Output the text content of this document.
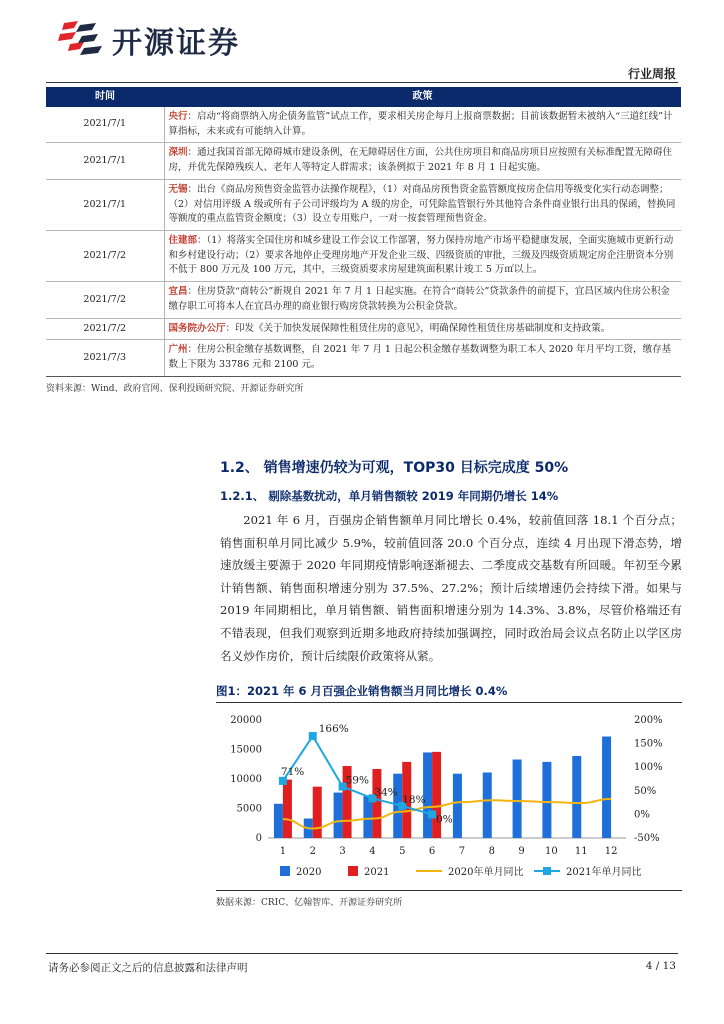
开源证券
行业周报
时间	政策
2021/7/1	央行：启动“将商票纳入房企债务监管”试点工作，要求相关房企每月上报商票数据；目前该数据暂未被纳入“三道红线”计算指标，未来或有可能纳入计算。
2021/7/1	深圳：通过我国首部无障碍城市建设条例，在无障碍居住方面，公共住房项目和商品房项目应按照有关标准配置无障碍住房，并优先保障残疾人、老年人等特定人群需求；该条例拟于 2021 年 8 月 1 日起实施。
2021/7/1	无锡：出台《商品房预售资金监管办法操作规程》，（1）对商品房预售资金监管额度按房企信用等级变化实行动态调整；（2）对信用评级 A 级或所有子公司评级均为 A 级的房企，可凭除监管银行外其他符合条件商业银行出具的保函，替换同等额度的重点监管资金额度；（3）设立专用账户，一对一按套管理预售资金。
2021/7/2	住建部：（1）将落实全国住房和城乡建设工作会议工作部署，努力保持房地产市场平稳健康发展，全面实施城市更新行动和乡村建设行动；（2）要求各地停止受理房地产开发企业三级、四级资质的审批，三级及四级资质规定房企注册资本分别不低于 800 万元及 100 万元，其中，三级资质要求房屋建筑面积累计竣工 5 万㎡以上。
2021/7/2	宜昌：住房贷款“商转公”新规自 2021 年 7 月 1 日起实施。在符合“商转公”贷款条件的前提下，宜昌区域内住房公积金缴存职工可将本人在宜昌办理的商业银行购房贷款转换为公积金贷款。
2021/7/2	国务院办公厅：印发《关于加快发展保障性租赁住房的意见》，明确保障性租赁住房基础制度和支持政策。
2021/7/3	广州：住房公积金缴存基数调整，自 2021 年 7 月 1 日起公积金缴存基数调整为职工本人 2020 年月平均工资，缴存基数上下限为 33786 元和 2100 元。
资料来源：Wind、政府官网、保利投顾研究院、开源证券研究所
1.2、 销售增速仍较为可观，TOP30 目标完成度 50%
1.2.1、 剔除基数扰动，单月销售额较 2019 年同期仍增长 14%
2021 年 6 月，百强房企销售额单月同比增长 0.4%，较前值回落 18.1 个百分点；销售面积单月同比减少 5.9%，较前值回落 20.0 个百分点，连续 4 月出现下滑态势，增速放缓主要源于 2020 年同期疫情影响逐渐褪去、二季度成交基数有所回暖。年初至今累计销售额、销售面积增速分别为 37.5%、27.2%；预计后续增速仍会持续下滑。如果与 2019 年同期相比，单月销售额、销售面积增速分别为 14.3%、3.8%，尽管价格端还有不错表现，但我们观察到近期多地政府持续加强调控，同时政治局会议点名防止以学区房名义炒作房价，预计后续限价政策将从紧。
图1：2021 年 6 月百强企业销售额当月同比增长 0.4%
0
5000
10000
15000
20000
-50%
0%
50%
100%
150%
200%
1 2 3 4 5 6 7 8 9 10 11 12
71%
166%
59%
34%
18%
0%
2020	2021	2020年单月同比	2021年单月同比
数据来源：CRIC、亿翰智库、开源证券研究所
请务必参阅正文之后的信息披露和法律声明	4 / 13
